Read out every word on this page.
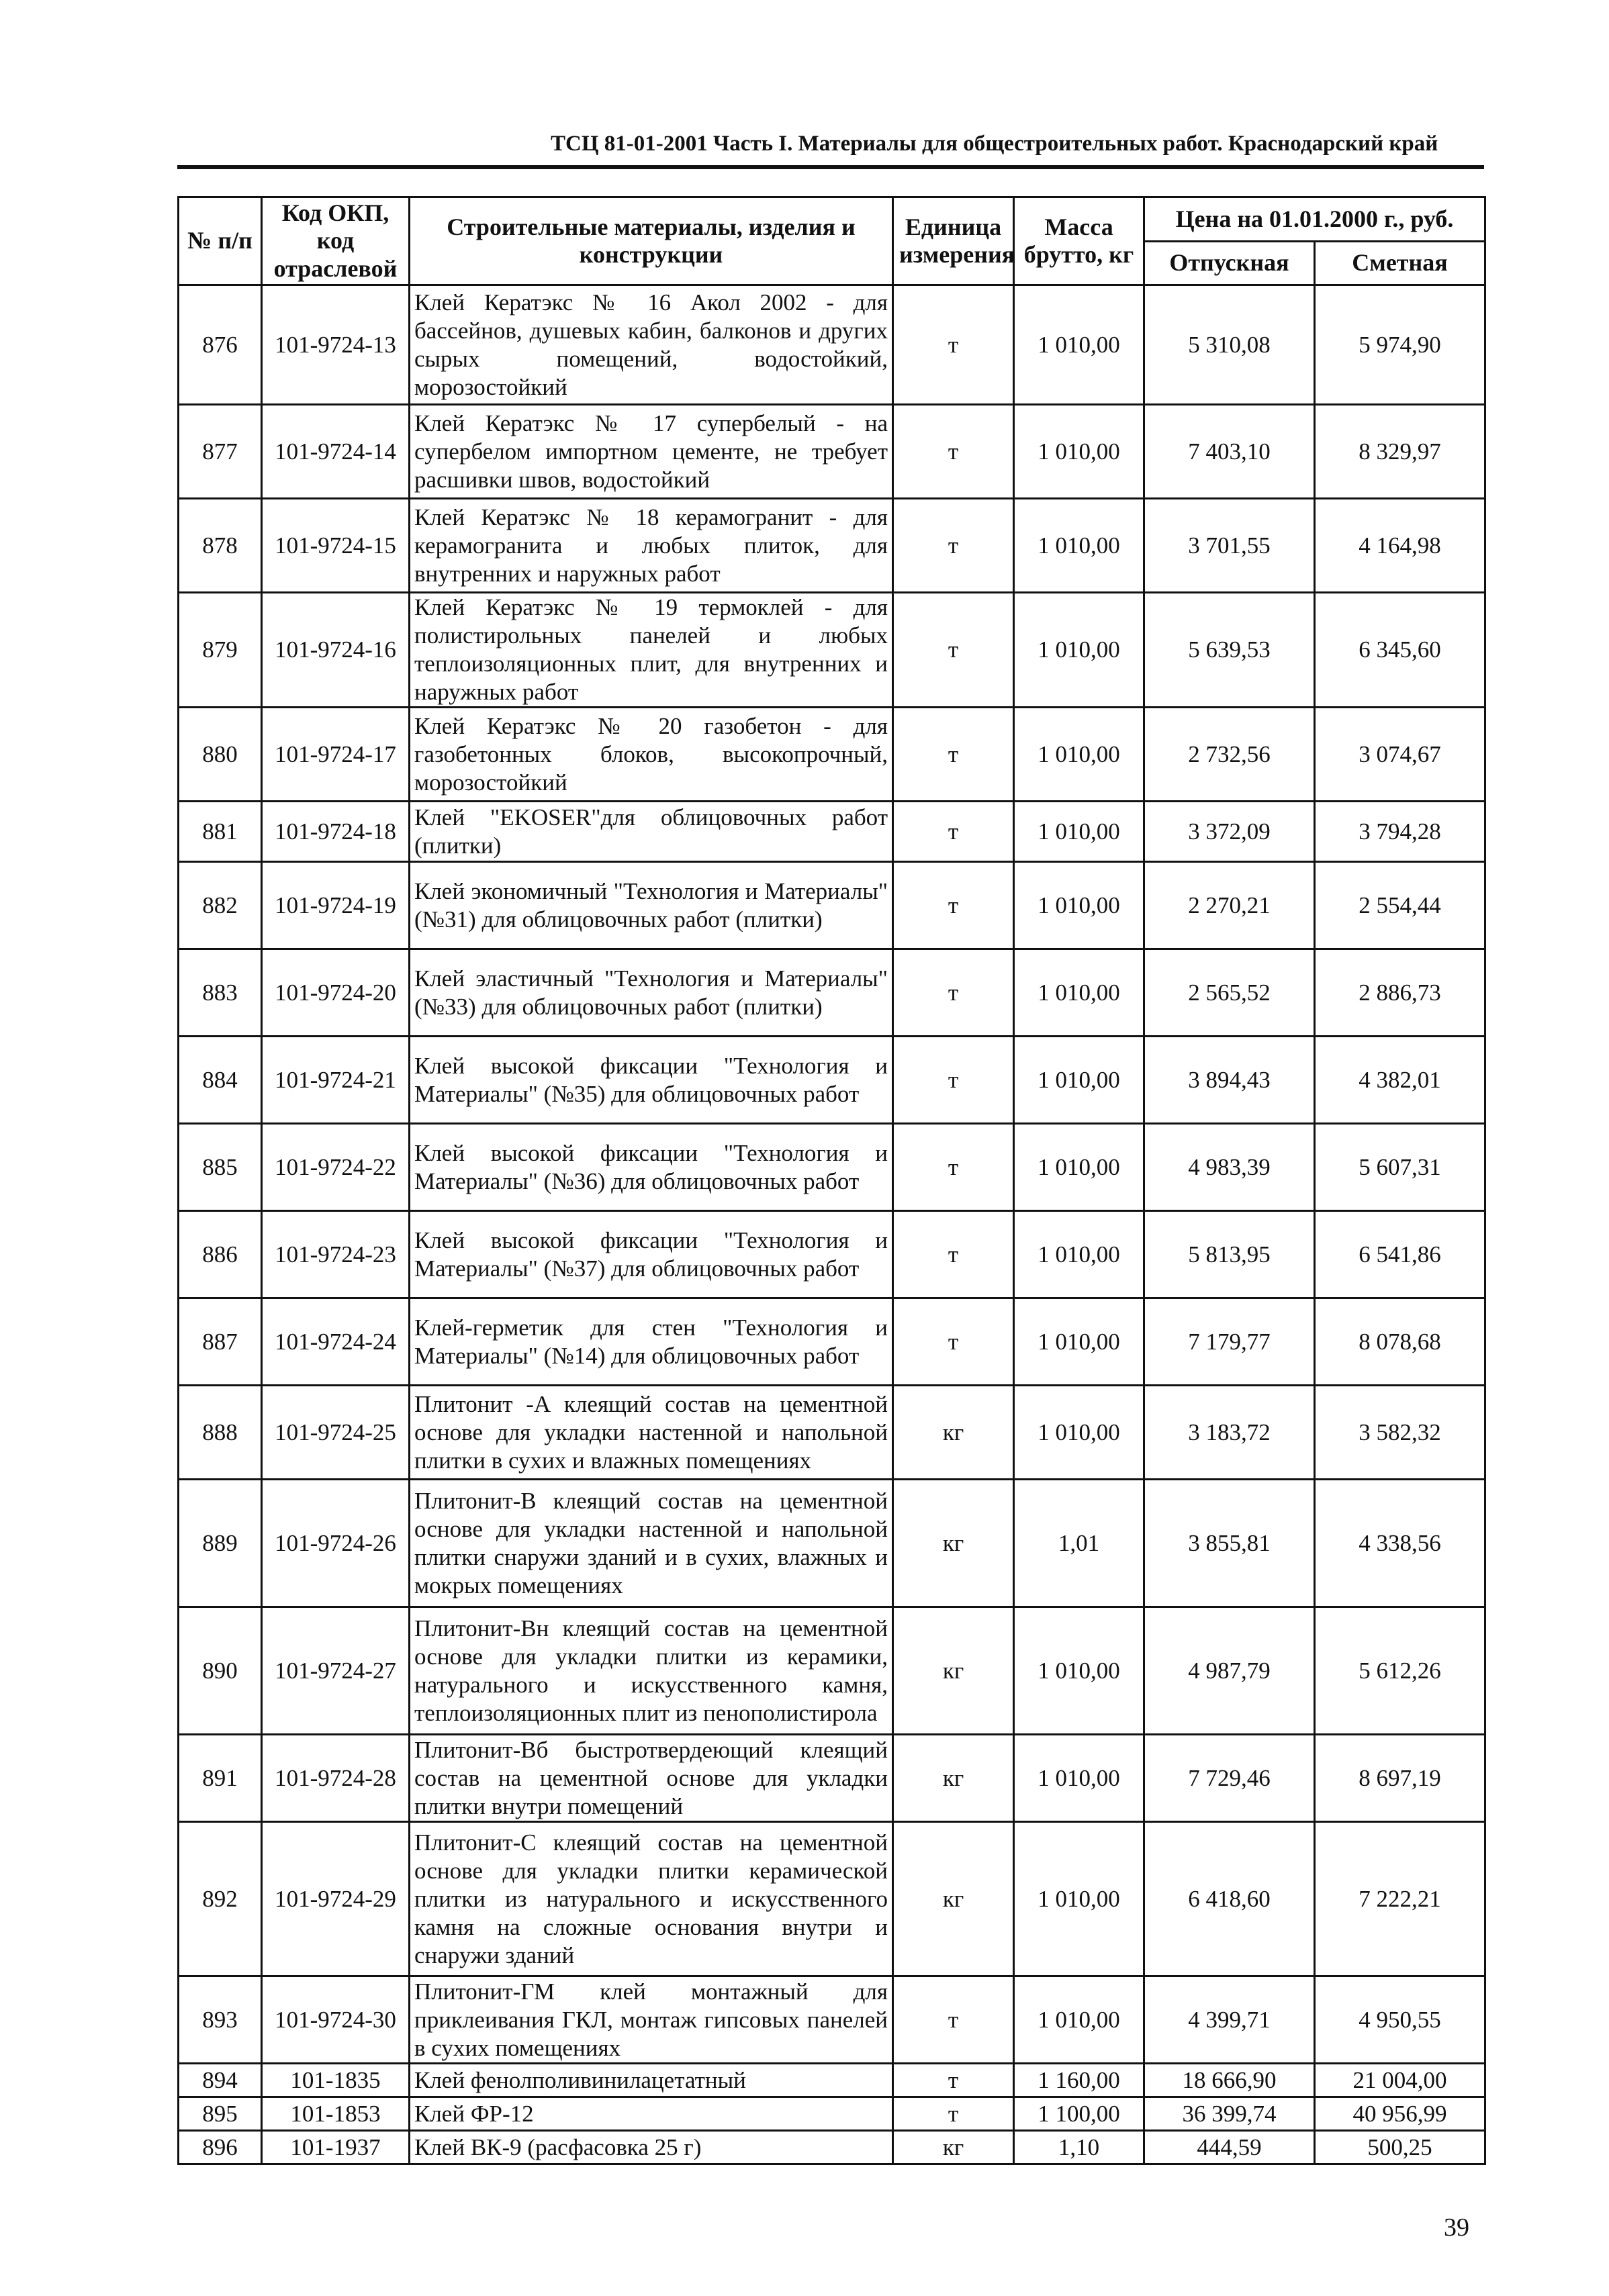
ТСЦ 81-01-2001 Часть I. Материалы для общестроительных работ. Краснодарский край
№ п/п	Код ОКП, код отраслевой	Строительные материалы, изделия и конструкции	Единица измерения	Масса брутто, кг	Цена на 01.01.2000 г., руб.	
					Отпускная	Сметная
876	101-9724-13	Клей Кератэкс № 16 Акол 2002 - для бассейнов, душевых кабин, балконов и других сырых помещений, водостойкий, морозостойкий	т	1 010,00	5 310,08	5 974,90
877	101-9724-14	Клей Кератэкс № 17 супербелый - на супербелом импортном цементе, не требует расшивки швов, водостойкий	т	1 010,00	7 403,10	8 329,97
878	101-9724-15	Клей Кератэкс № 18 керамогранит - для керамогранита и любых плиток, для внутренних и наружных работ	т	1 010,00	3 701,55	4 164,98
879	101-9724-16	Клей Кератэкс № 19 термоклей - для полистирольных панелей и любых теплоизоляционных плит, для внутренних и наружных работ	т	1 010,00	5 639,53	6 345,60
880	101-9724-17	Клей Кератэкс № 20 газобетон - для газобетонных блоков, высокопрочный, морозостойкий	т	1 010,00	2 732,56	3 074,67
881	101-9724-18	Клей "EKOSER"для облицовочных работ (плитки)	т	1 010,00	3 372,09	3 794,28
882	101-9724-19	Клей экономичный "Технология и Материалы" (№31) для облицовочных работ (плитки)	т	1 010,00	2 270,21	2 554,44
883	101-9724-20	Клей эластичный "Технология и Материалы" (№33) для облицовочных работ (плитки)	т	1 010,00	2 565,52	2 886,73
884	101-9724-21	Клей высокой фиксации "Технология и Материалы" (№35) для облицовочных работ	т	1 010,00	3 894,43	4 382,01
885	101-9724-22	Клей высокой фиксации "Технология и Материалы" (№36) для облицовочных работ	т	1 010,00	4 983,39	5 607,31
886	101-9724-23	Клей высокой фиксации "Технология и Материалы" (№37) для облицовочных работ	т	1 010,00	5 813,95	6 541,86
887	101-9724-24	Клей-герметик для стен "Технология и Материалы" (№14) для облицовочных работ	т	1 010,00	7 179,77	8 078,68
888	101-9724-25	Плитонит -А клеящий состав на цементной основе для укладки настенной и напольной плитки в сухих и влажных помещениях	кг	1 010,00	3 183,72	3 582,32
889	101-9724-26	Плитонит-В клеящий состав на цементной основе для укладки настенной и напольной плитки снаружи зданий и в сухих, влажных и мокрых помещениях	кг	1,01	3 855,81	4 338,56
890	101-9724-27	Плитонит-Вн клеящий состав на цементной основе для укладки плитки из керамики, натурального и искусственного камня, теплоизоляционных плит из пенополистирола	кг	1 010,00	4 987,79	5 612,26
891	101-9724-28	Плитонит-Вб быстротвердеющий клеящий состав на цементной основе для укладки плитки внутри помещений	кг	1 010,00	7 729,46	8 697,19
892	101-9724-29	Плитонит-С клеящий состав на цементной основе для укладки плитки керамической плитки из натурального и искусственного камня на сложные основания внутри и снаружи зданий	кг	1 010,00	6 418,60	7 222,21
893	101-9724-30	Плитонит-ГМ клей монтажный для приклеивания ГКЛ, монтаж гипсовых панелей в сухих помещениях	т	1 010,00	4 399,71	4 950,55
894	101-1835	Клей фенолполивинилацетатный	т	1 160,00	18 666,90	21 004,00
895	101-1853	Клей ФР-12	т	1 100,00	36 399,74	40 956,99
896	101-1937	Клей ВК-9 (расфасовка 25 г)	кг	1,10	444,59	500,25
39
